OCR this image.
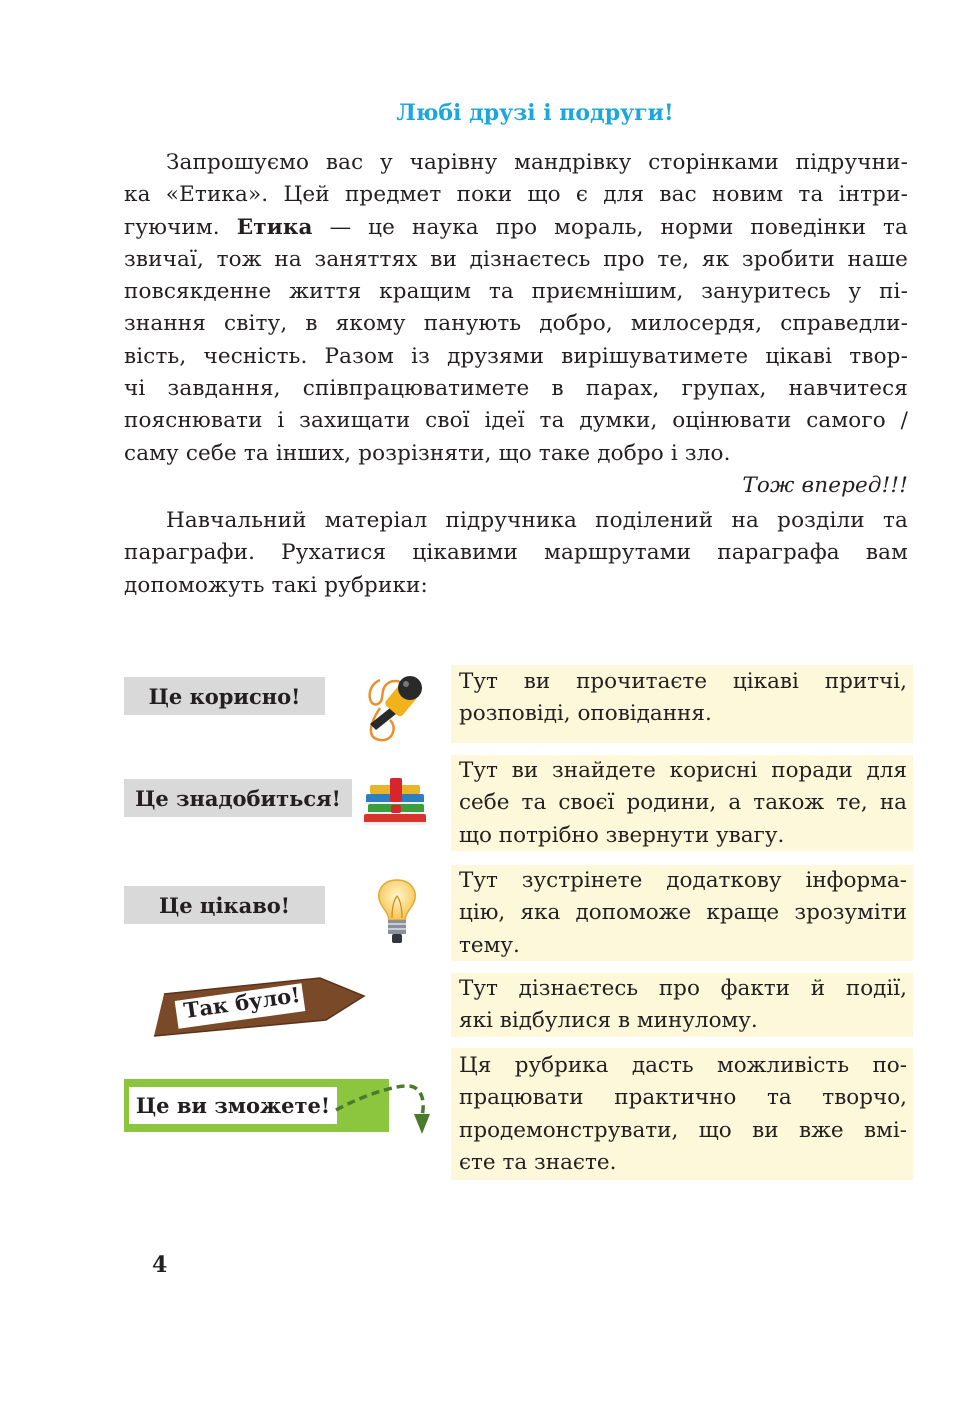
Любі друзі і подруги!
Запрошуємо вас у чарівну мандрівку сторінками підручни-
ка «Етика». Цей предмет поки що є для вас новим та інтри-
гуючим. Етика — це наука про мораль, норми поведінки та
звичаї, тож на заняттях ви дізнаєтесь про те, як зробити наше
повсякденне життя кращим та приємнішим, зануритесь у пі-
знання світу, в якому панують добро, милосердя, справедли-
вість, чесність. Разом із друзями вирішуватимете цікаві твор-
чі завдання, співпрацюватимете в парах, групах, навчитеся
пояснювати і захищати свої ідеї та думки, оцінювати самого /
саму себе та інших, розрізняти, що таке добро і зло.
Тож вперед!!!
Навчальний матеріал підручника поділений на розділи та
параграфи. Рухатися цікавими маршрутами параграфа вам
допоможуть такі рубрики:
Це корисно!
Тут ви прочитаєте цікаві притчі,
розповіді, оповідання.
Це знадобиться!
Тут ви знайдете корисні поради для
себе та своєї родини, а також те, на
що потрібно звернути увагу.
Це цікаво!
Тут зустрінете додаткову інформа-
цію, яка допоможе краще зрозуміти
тему.
Так було!	Тут дізнаєтесь про факти й події,
які відбулися в минулому.
Це ви зможете!
Ця рубрика дасть можливість по-
працювати практично та творчо,
продемонструвати, що ви вже вмі-
єте та знаєте.
4
